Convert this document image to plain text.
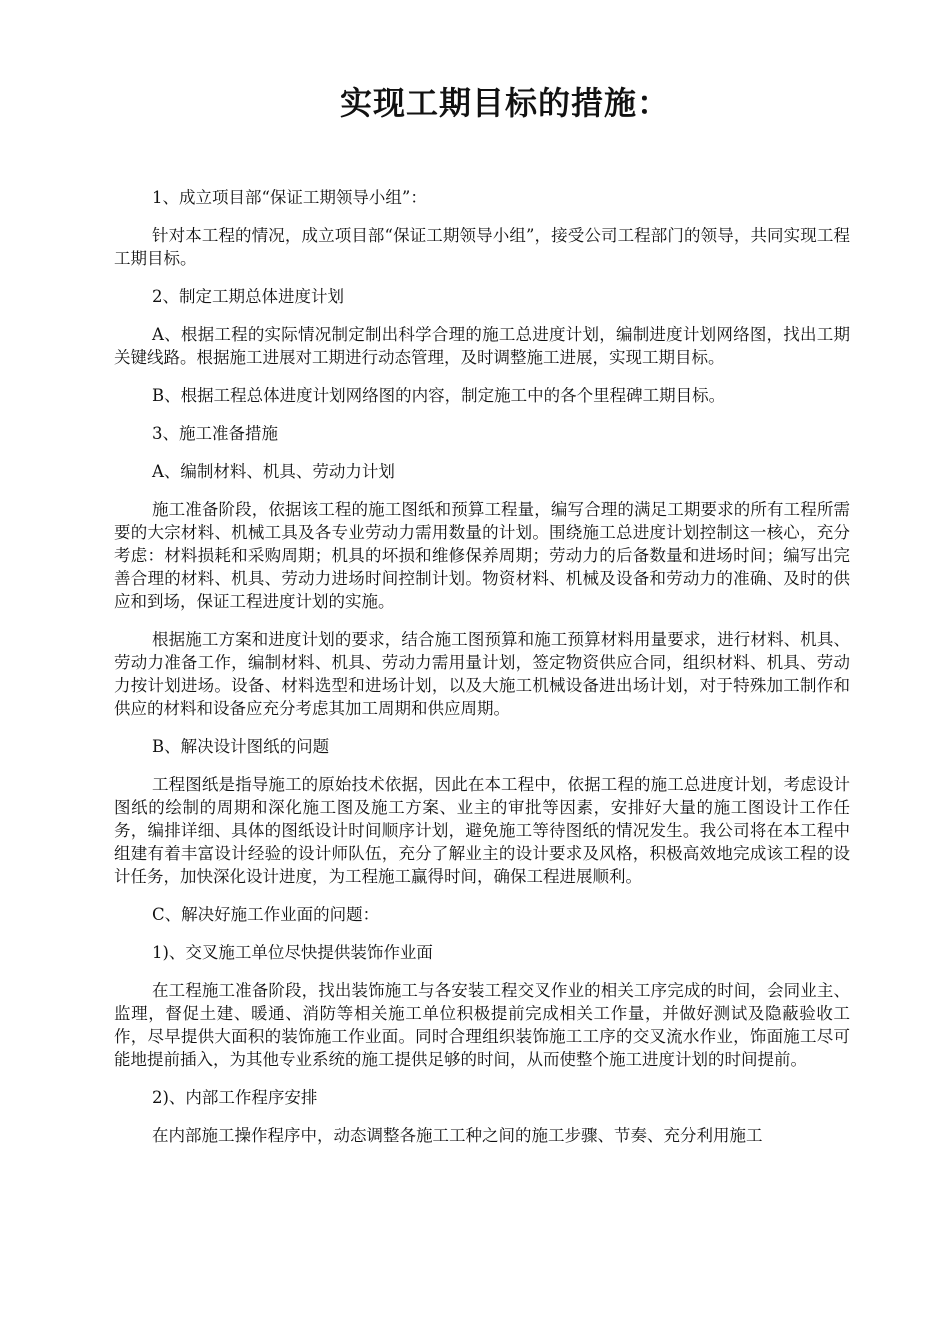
实现工期目标的措施：

1、成立项目部“保证工期领导小组”：

针对本工程的情况，成立项目部“保证工期领导小组”，接受公司工程部门的领导，共同实现工程工期目标。

2、制定工期总体进度计划

A、根据工程的实际情况制定制出科学合理的施工总进度计划，编制进度计划网络图，找出工期关键线路。根据施工进展对工期进行动态管理，及时调整施工进展，实现工期目标。

B、根据工程总体进度计划网络图的内容，制定施工中的各个里程碑工期目标。

3、施工准备措施

A、编制材料、机具、劳动力计划

施工准备阶段，依据该工程的施工图纸和预算工程量，编写合理的满足工期要求的所有工程所需要的大宗材料、机械工具及各专业劳动力需用数量的计划。围绕施工总进度计划控制这一核心，充分考虑：材料损耗和采购周期；机具的坏损和维修保养周期；劳动力的后备数量和进场时间；编写出完善合理的材料、机具、劳动力进场时间控制计划。物资材料、机械及设备和劳动力的准确、及时的供应和到场，保证工程进度计划的实施。

根据施工方案和进度计划的要求，结合施工图预算和施工预算材料用量要求，进行材料、机具、劳动力准备工作，编制材料、机具、劳动力需用量计划，签定物资供应合同，组织材料、机具、劳动力按计划进场。设备、材料选型和进场计划，以及大施工机械设备进出场计划，对于特殊加工制作和供应的材料和设备应充分考虑其加工周期和供应周期。

B、解决设计图纸的问题

工程图纸是指导施工的原始技术依据，因此在本工程中，依据工程的施工总进度计划，考虑设计图纸的绘制的周期和深化施工图及施工方案、业主的审批等因素，安排好大量的施工图设计工作任务，编排详细、具体的图纸设计时间顺序计划，避免施工等待图纸的情况发生。我公司将在本工程中组建有着丰富设计经验的设计师队伍，充分了解业主的设计要求及风格，积极高效地完成该工程的设计任务，加快深化设计进度，为工程施工赢得时间，确保工程进展顺利。

C、解决好施工作业面的问题：

1)、交叉施工单位尽快提供装饰作业面

在工程施工准备阶段，找出装饰施工与各安装工程交叉作业的相关工序完成的时间，会同业主、监理，督促土建、暖通、消防等相关施工单位积极提前完成相关工作量，并做好测试及隐蔽验收工作，尽早提供大面积的装饰施工作业面。同时合理组织装饰施工工序的交叉流水作业，饰面施工尽可能地提前插入，为其他专业系统的施工提供足够的时间，从而使整个施工进度计划的时间提前。

2)、内部工作程序安排

在内部施工操作程序中，动态调整各施工工种之间的施工步骤、节奏、充分利用施工
